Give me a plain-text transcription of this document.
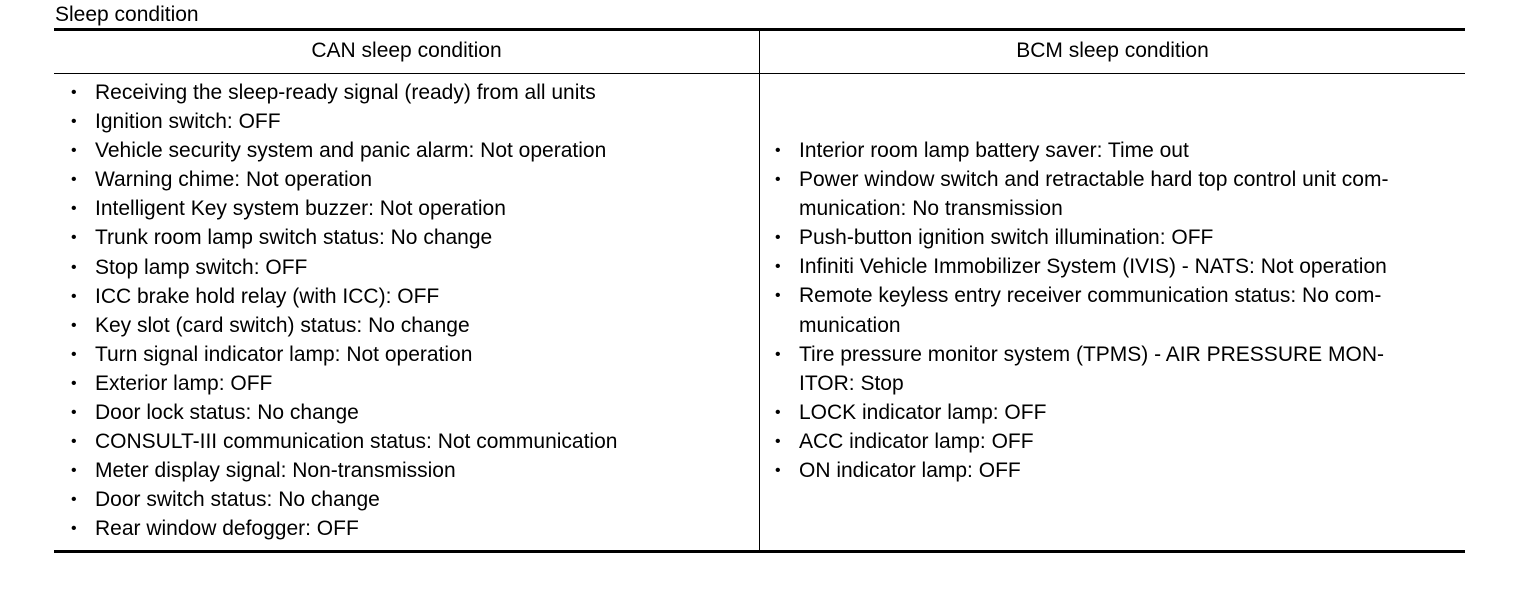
Sleep condition
CAN sleep condition	BCM sleep condition
• Receiving the sleep-ready signal (ready) from all units
• Ignition switch: OFF
• Vehicle security system and panic alarm: Not operation
• Warning chime: Not operation
• Intelligent Key system buzzer: Not operation
• Trunk room lamp switch status: No change
• Stop lamp switch: OFF
• ICC brake hold relay (with ICC): OFF
• Key slot (card switch) status: No change
• Turn signal indicator lamp: Not operation
• Exterior lamp: OFF
• Door lock status: No change
• CONSULT-III communication status: Not communication
• Meter display signal: Non-transmission
• Door switch status: No change
• Rear window defogger: OFF
• Interior room lamp battery saver: Time out
• Power window switch and retractable hard top control unit com-
munication: No transmission
• Push-button ignition switch illumination: OFF
• Infiniti Vehicle Immobilizer System (IVIS) - NATS: Not operation
• Remote keyless entry receiver communication status: No com-
munication
• Tire pressure monitor system (TPMS) - AIR PRESSURE MON-
ITOR: Stop
• LOCK indicator lamp: OFF
• ACC indicator lamp: OFF
• ON indicator lamp: OFF
